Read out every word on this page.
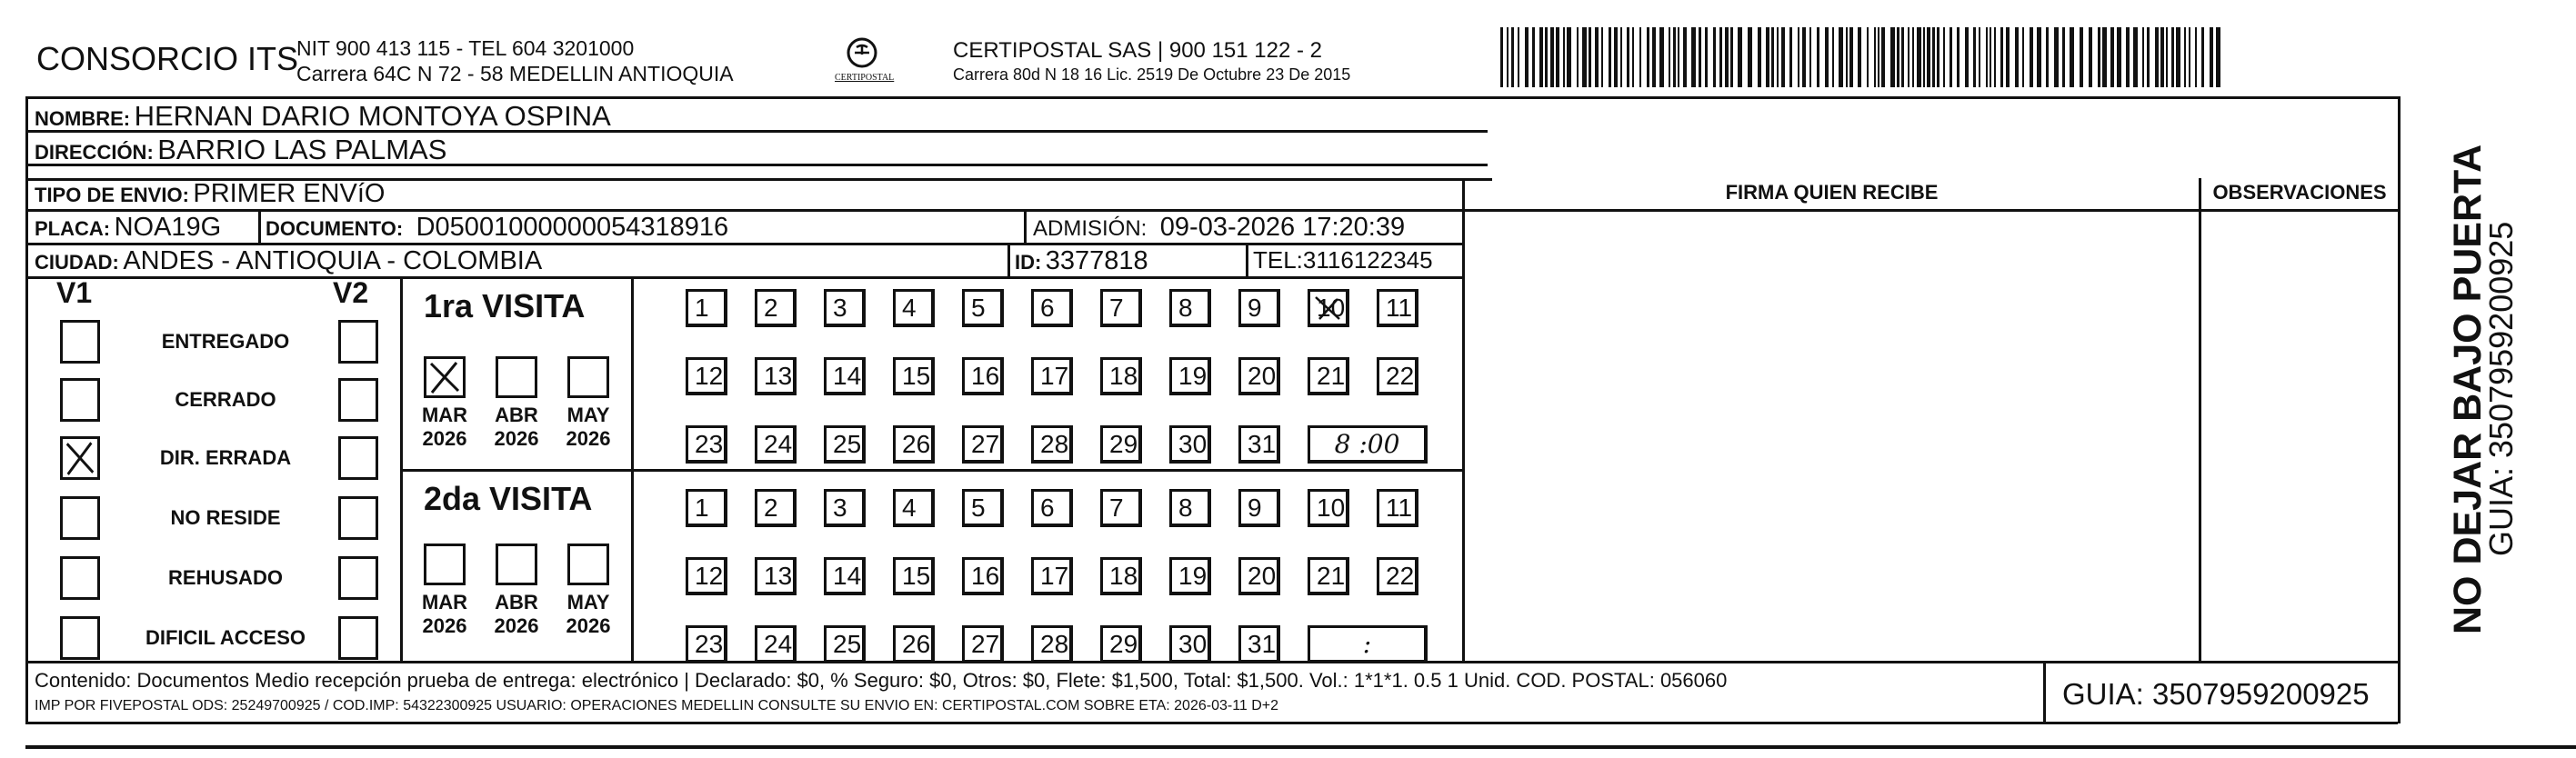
CONSORCIO ITS
NIT 900 413 115 - TEL 604 3201000
Carrera 64C N 72 - 58 MEDELLIN ANTIOQUIA	CERTIPOSTAL
CERTIPOSTAL SAS | 900 151 122 - 2
Carrera 80d N 18 16 Lic. 2519 De Octubre 23 De 2015
NOMBRE: HERNAN DARIO MONTOYA OSPINA
DIRECCIÓN: BARRIO LAS PALMAS
TIPO DE ENVIO: PRIMER ENVíO	FIRMA QUIEN RECIBE	OBSERVACIONES
PLACA: NOA19G DOCUMENTO: D05001000000054318916	ADMISIÓN: 09-03-2026 17:20:39
CIUDAD: ANDES - ANTIOQUIA - COLOMBIA	ID: 3377818	TEL:3116122345
V1	V2
ENTREGADO
CERRADO
DIR. ERRADA
NO RESIDE
REHUSADO
DIFICIL ACCESO
1ra VISITA
2da VISITA
MAR
2026
ABR
2026
MAY
2026
MAR
2026
ABR
2026
MAY
2026
1	2	3	4	5	6	7	8	9	10	11
12	13	14	15	16	17	18	19	20	21	22
23	24	25	26	27	28	29	30	31	8 :00
1	2	3	4	5	6	7	8	9	10	11
12	13	14	15	16	17	18	19	20	21	22
23	24	25	26	27	28	29	30	31	:
Contenido: Documentos Medio recepción prueba de entrega: electrónico | Declarado: $0, % Seguro: $0, Otros: $0, Flete: $1,500, Total: $1,500. Vol.: 1*1*1. 0.5 1 Unid. COD. POSTAL: 056060
IMP POR FIVEPOSTAL ODS: 25249700925 / COD.IMP: 54322300925 USUARIO: OPERACIONES MEDELLIN CONSULTE SU ENVIO EN: CERTIPOSTAL.COM SOBRE ETA: 2026-03-11 D+2	GUIA: 3507959200925
NO DEJAR BAJO PUERTA
GUIA: 3507959200925
